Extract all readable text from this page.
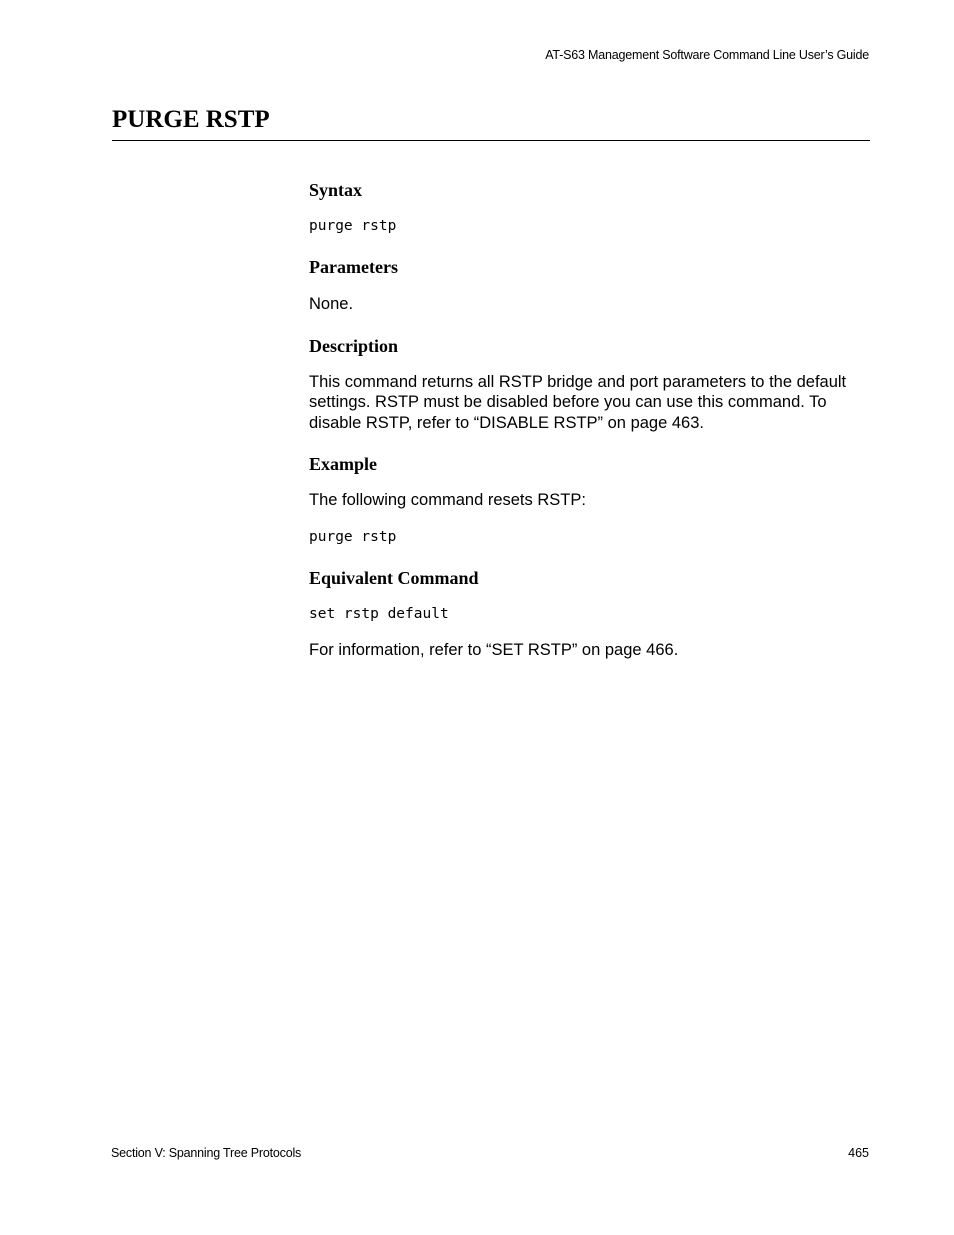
AT-S63 Management Software Command Line User’s Guide
PURGE RSTP
Syntax
purge rstp
Parameters

None.

Description

This command returns all RSTP bridge and port parameters to the default settings. RSTP must be disabled before you can use this command. To disable RSTP, refer to “DISABLE RSTP” on page 463.

Example

The following command resets RSTP:

purge rstp
Equivalent Command
set rstp default

For information, refer to “SET RSTP” on page 466.

Section V: Spanning Tree Protocols	465
